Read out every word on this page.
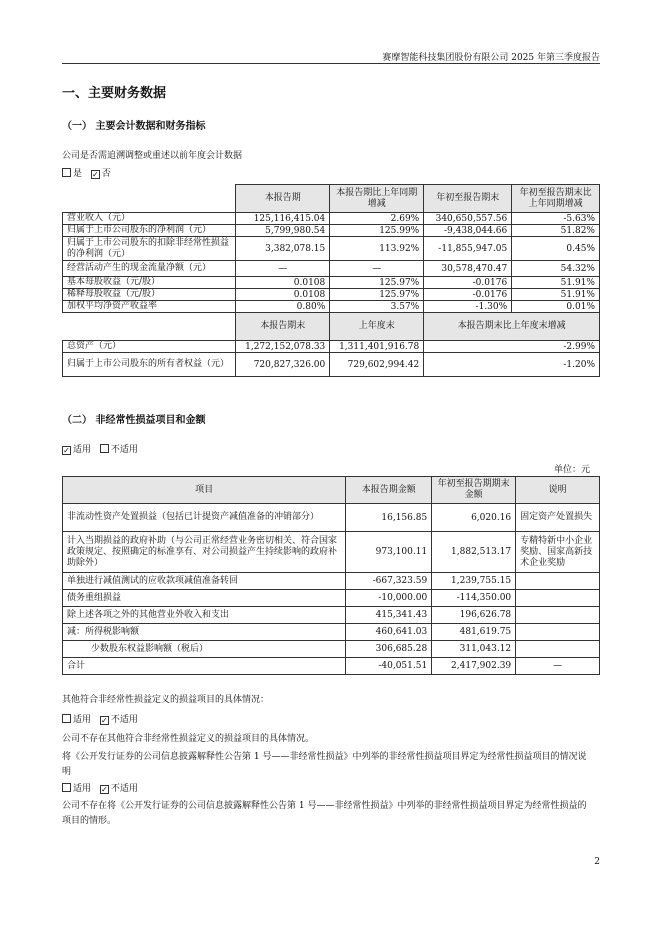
赛摩智能科技集团股份有限公司 2025 年第三季度报告
一、主要财务数据
（一） 主要会计数据和财务指标
公司是否需追溯调整或重述以前年度会计数据
是 ✓ 否
	本报告期	本报告期比上年同期增减	年初至报告期末	年初至报告期末比上年同期增减
营业收入（元）	125,116,415.04	2.69%	340,650,557.56	-5.63%
归属于上市公司股东的净利润（元）	5,799,980.54	125.99%	-9,438,044.66	51.82%
归属于上市公司股东的扣除非经常性损益的净利润（元）	3,382,078.15	113.92%	-11,855,947.05	0.45%
经营活动产生的现金流量净额（元）	—	—	30,578,470.47	54.32%
基本每股收益（元/股）	0.0108	125.97%	-0.0176	51.91%
稀释每股收益（元/股）	0.0108	125.97%	-0.0176	51.91%
加权平均净资产收益率	0.80%	3.57%	-1.30%	0.01%
	本报告期末	上年度末	本报告期末比上年度末增减	
总资产（元）	1,272,152,078.33	1,311,401,916.78	-2.99%	
归属于上市公司股东的所有者权益（元）	720,827,326.00	729,602,994.42	-1.20%	
（二） 非经常性损益项目和金额
✓ 适用 不适用
单位：元
项目	本报告期金额	年初至报告期期末金额	说明
非流动性资产处置损益（包括已计提资产减值准备的冲销部分）	16,156.85	6,020.16	固定资产处置损失
计入当期损益的政府补助（与公司正常经营业务密切相关、符合国家政策规定、按照确定的标准享有、对公司损益产生持续影响的政府补助除外）	973,100.11	1,882,513.17	专精特新中小企业奖励、国家高新技术企业奖励
单独进行减值测试的应收款项减值准备转回	-667,323.59	1,239,755.15	
债务重组损益	-10,000.00	-114,350.00	
除上述各项之外的其他营业外收入和支出	415,341.43	196,626.78	
减：所得税影响额	460,641.03	481,619.75	
少数股东权益影响额（税后）	306,685.28	311,043.12	
合计	-40,051.51	2,417,902.39	—
其他符合非经常性损益定义的损益项目的具体情况：
适用 ✓ 不适用
公司不存在其他符合非经常性损益定义的损益项目的具体情况。
将《公开发行证券的公司信息披露解释性公告第 1 号——非经常性损益》中列举的非经常性损益项目界定为经常性损益项目的情况说明
适用 ✓ 不适用
公司不存在将《公开发行证券的公司信息披露解释性公告第 1 号——非经常性损益》中列举的非经常性损益项目界定为经常性损益的项目的情形。
2
